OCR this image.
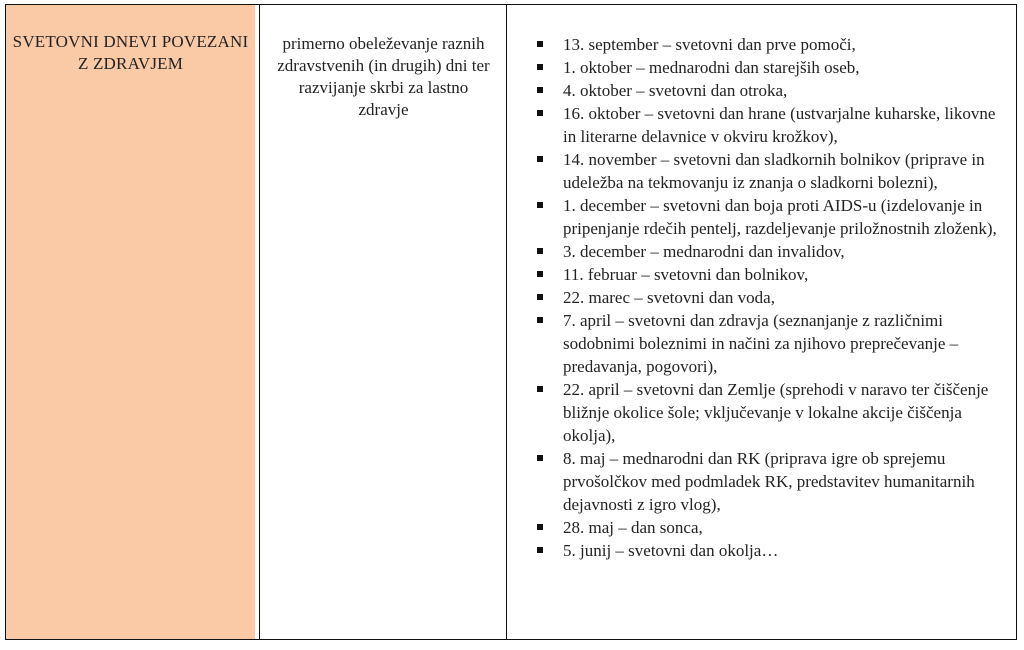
SVETOVNI DNEVI POVEZANI Z ZDRAVJEM

primerno obeleževanje raznih zdravstvenih (in drugih) dni ter razvijanje skrbi za lastno zdravje

13. september – svetovni dan prve pomoči,
1. oktober – mednarodni dan starejših oseb,
4. oktober – svetovni dan otroka,
16. oktober – svetovni dan hrane (ustvarjalne kuharske, likovne in literarne delavnice v okviru krožkov),
14. november – svetovni dan sladkornih bolnikov (priprave in udeležba na tekmovanju iz znanja o sladkorni bolezni),
1. december – svetovni dan boja proti AIDS-u (izdelovanje in pripenjanje rdečih pentelj, razdeljevanje priložnostnih zloženk),
3. december – mednarodni dan invalidov,
11. februar – svetovni dan bolnikov,
22. marec – svetovni dan voda,
7. april – svetovni dan zdravja (seznanjanje z različnimi sodobnimi boleznimi in načini za njihovo preprečevanje – predavanja, pogovori),
22. april – svetovni dan Zemlje (sprehodi v naravo ter čiščenje bližnje okolice šole; vključevanje v lokalne akcije čiščenja okolja),
8. maj – mednarodni dan RK (priprava igre ob sprejemu prvošolčkov med podmladek RK, predstavitev humanitarnih dejavnosti z igro vlog),
28. maj – dan sonca,
5. junij – svetovni dan okolja…
